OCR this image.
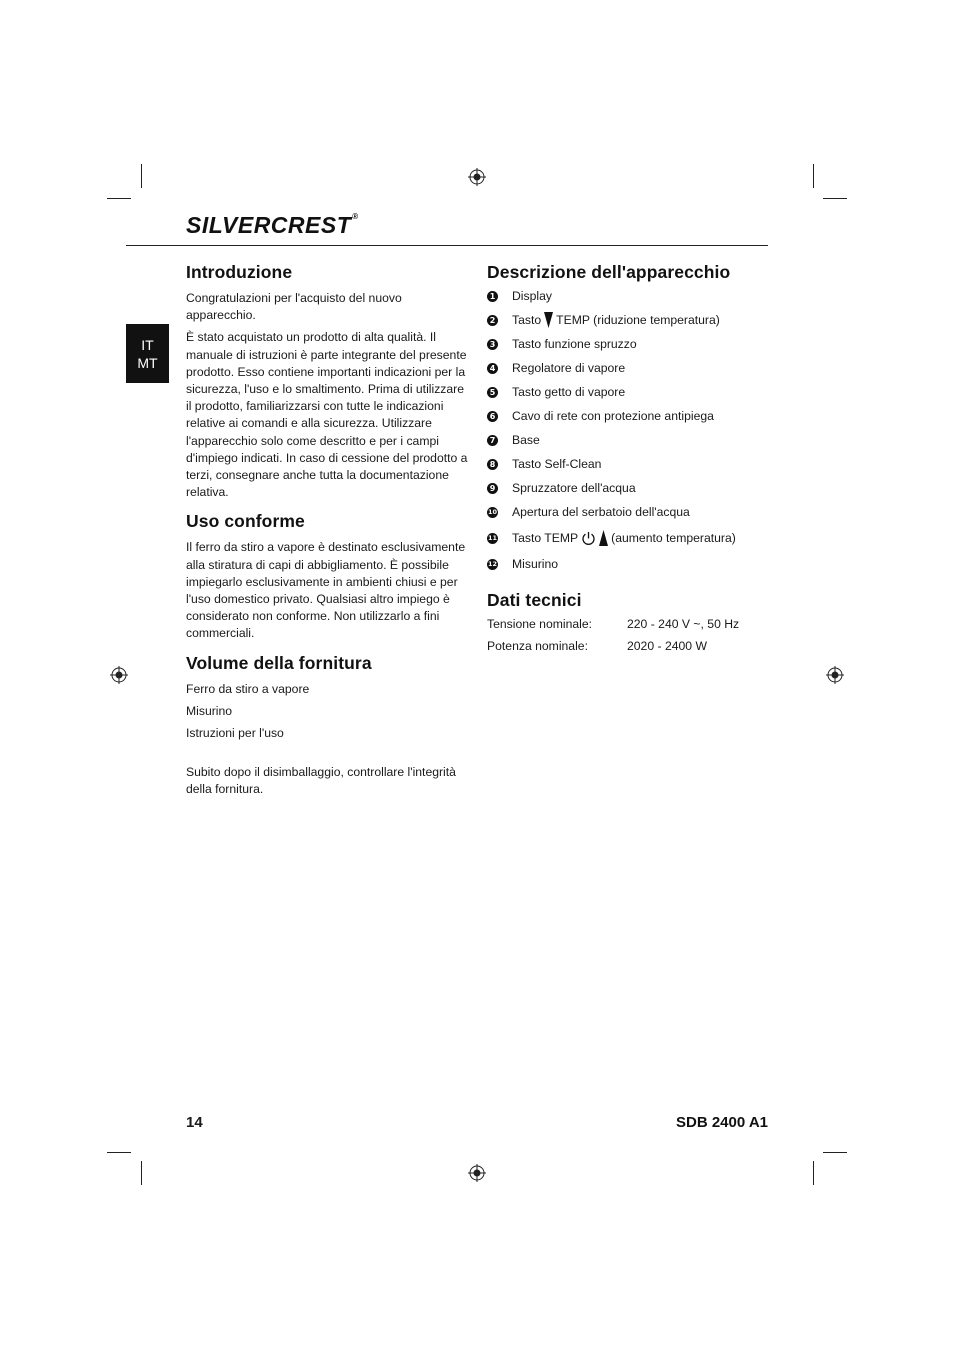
SILVERCREST®
IT
MT
Introduzione

Congratulazioni per l'acquisto del nuovo apparecchio.

È stato acquistato un prodotto di alta qualità. Il manuale di istruzioni è parte integrante del presente prodotto. Esso contiene importanti indicazioni per la sicurezza, l'uso e lo smaltimento. Prima di utilizzare il prodotto, familiarizzarsi con tutte le indicazioni relative ai comandi e alla sicurezza. Utilizzare l'apparecchio solo come descritto e per i campi d'impiego indicati. In caso di cessione del prodotto a terzi, consegnare anche tutta la documentazione relativa.

Uso conforme

Il ferro da stiro a vapore è destinato esclusivamente alla stiratura di capi di abbigliamento. È possibile impiegarlo esclusivamente in ambienti chiusi e per l'uso domestico privato. Qualsiasi altro impiego è considerato non conforme. Non utilizzarlo a fini commerciali.

Volume della fornitura

Ferro da stiro a vapore

Misurino

Istruzioni per l'uso

Subito dopo il disimballaggio, controllare l'integrità della fornitura.

Descrizione dell'apparecchio
1 Display
2 Tasto TEMP (riduzione temperatura)
3 Tasto funzione spruzzo
4 Regolatore di vapore
5 Tasto getto di vapore
6 Cavo di rete con protezione antipiega
7 Base
8 Tasto Self-Clean
9 Spruzzatore dell'acqua
10 Apertura del serbatoio dell'acqua
11 Tasto TEMP	(aumento temperatura)
12 Misurino
Dati tecnici
Tensione nominale:	220 - 240 V ~, 50 Hz
Potenza nominale:	2020 - 2400 W
14	SDB 2400 A1
